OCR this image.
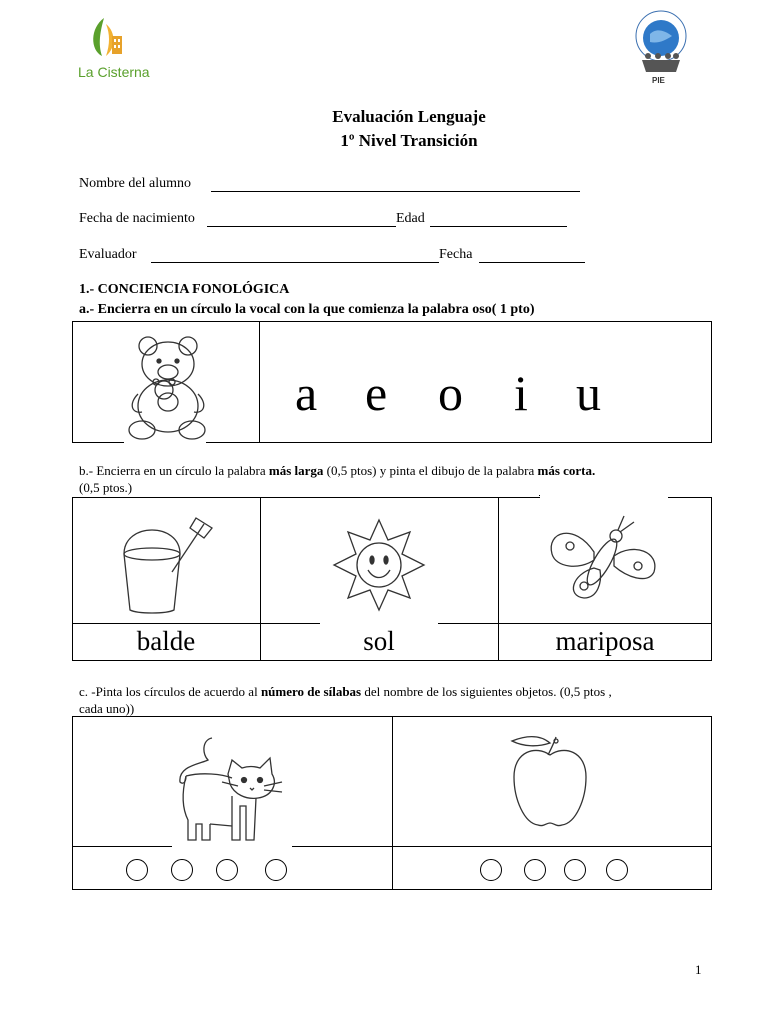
La Cisterna
PIE
Evaluación Lenguaje
1º Nivel Transición
Nombre del alumno
Fecha de nacimiento	Edad
Evaluador	Fecha
1.- CONCIENCIA FONOLÓGICA
a.- Encierra en un círculo la vocal con la que comienza la palabra oso( 1 pto)
a e o i u
b.- Encierra en un círculo la palabra más larga (0,5 ptos) y pinta el dibujo de la palabra más corta.
(0,5 ptos.)
balde	sol	mariposa
c. -Pinta los círculos de acuerdo al número de sílabas del nombre de los siguientes objetos. (0,5 ptos ,
cada uno))
1
